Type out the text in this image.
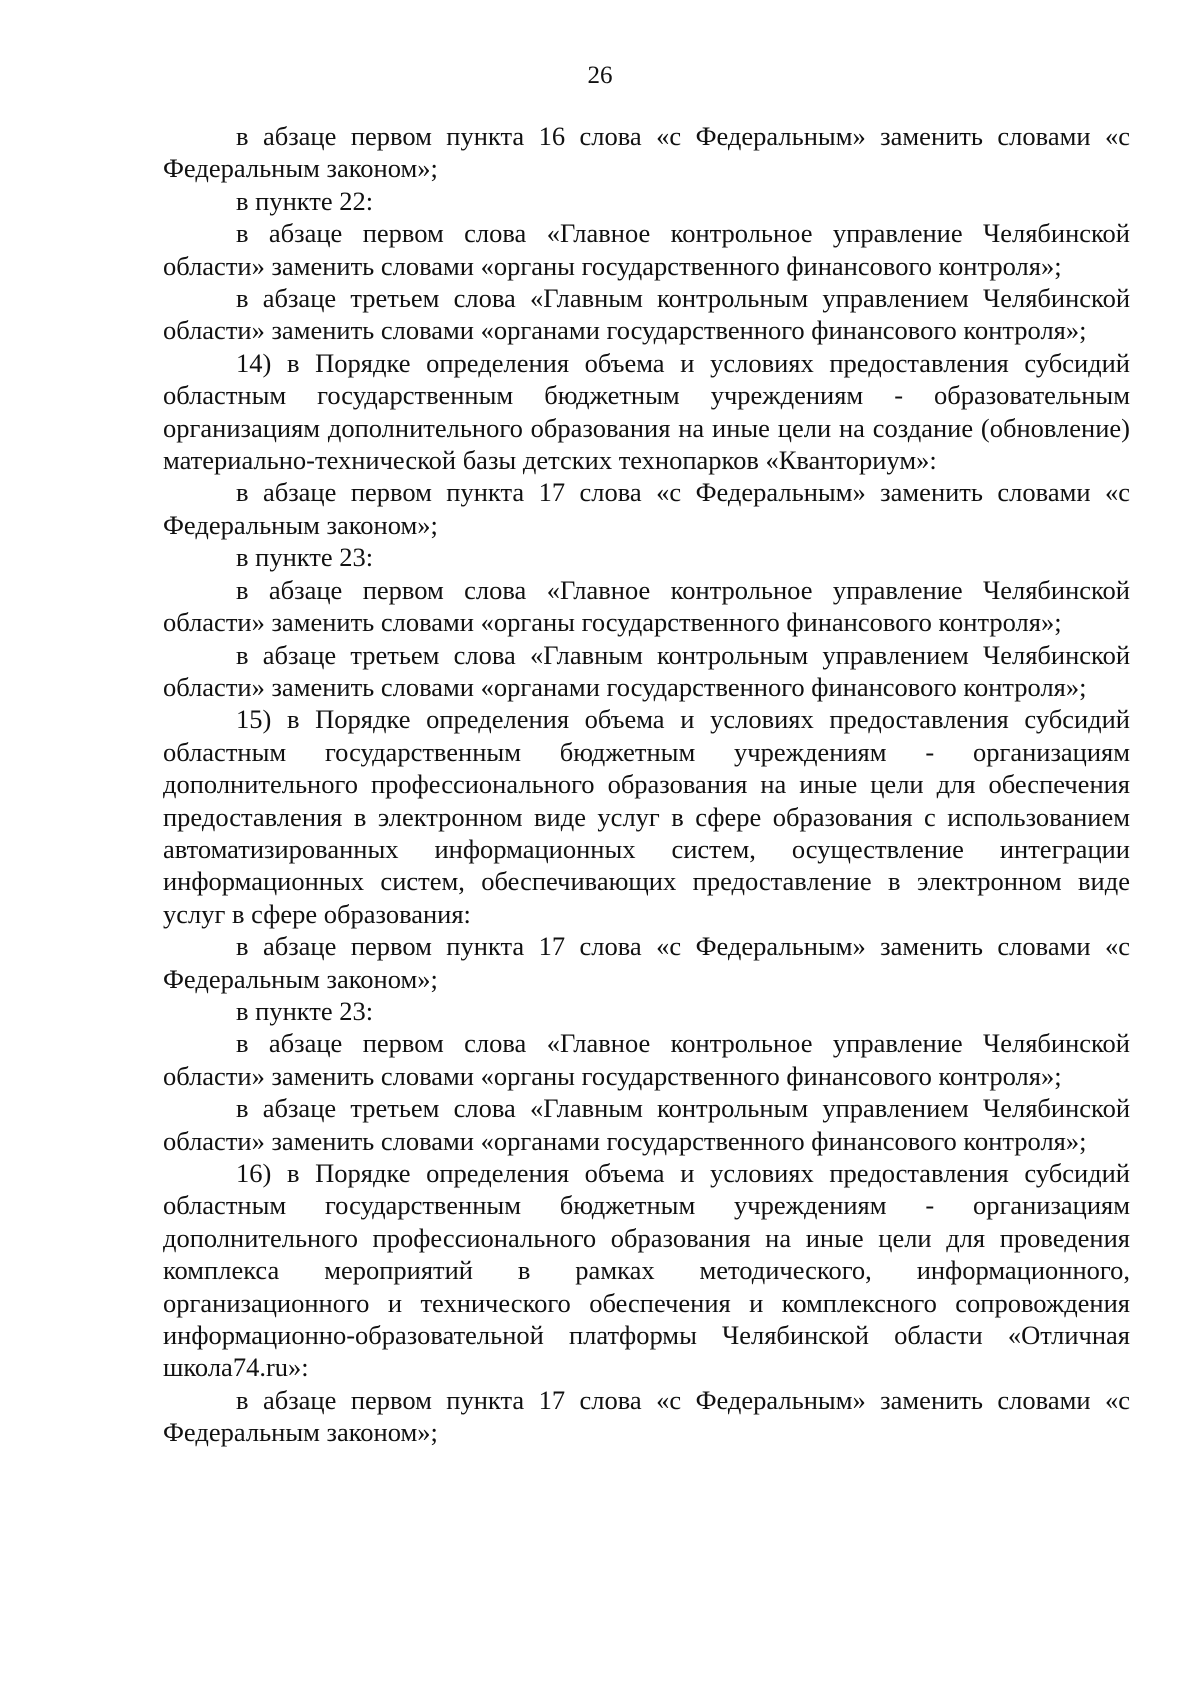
26

в абзаце первом пункта 16 слова «с Федеральным» заменить словами «с Федеральным законом»;

в пункте 22:

в абзаце первом слова «Главное контрольное управление Челябинской области» заменить словами «органы государственного финансового контроля»;

в абзаце третьем слова «Главным контрольным управлением Челябинской области» заменить словами «органами государственного финансового контроля»;

14) в Порядке определения объема и условиях предоставления субсидий областным государственным бюджетным учреждениям - образовательным организациям дополнительного образования на иные цели на создание (обновление) материально-технической базы детских технопарков «Кванториум»:

в абзаце первом пункта 17 слова «с Федеральным» заменить словами «с Федеральным законом»;

в пункте 23:

в абзаце первом слова «Главное контрольное управление Челябинской области» заменить словами «органы государственного финансового контроля»;

в абзаце третьем слова «Главным контрольным управлением Челябинской области» заменить словами «органами государственного финансового контроля»;

15) в Порядке определения объема и условиях предоставления субсидий областным государственным бюджетным учреждениям - организациям дополнительного профессионального образования на иные цели для обеспечения предоставления в электронном виде услуг в сфере образования с использованием автоматизированных информационных систем, осуществление интеграции информационных систем, обеспечивающих предоставление в электронном виде услуг в сфере образования:

в абзаце первом пункта 17 слова «с Федеральным» заменить словами «с Федеральным законом»;

в пункте 23:

в абзаце первом слова «Главное контрольное управление Челябинской области» заменить словами «органы государственного финансового контроля»;

в абзаце третьем слова «Главным контрольным управлением Челябинской области» заменить словами «органами государственного финансового контроля»;

16) в Порядке определения объема и условиях предоставления субсидий областным государственным бюджетным учреждениям - организациям дополнительного профессионального образования на иные цели для проведения комплекса мероприятий в рамках методического, информационного, организационного и технического обеспечения и комплексного сопровождения информационно-образовательной платформы Челябинской области «Отличная школа74.ru»:

в абзаце первом пункта 17 слова «с Федеральным» заменить словами «с Федеральным законом»;
